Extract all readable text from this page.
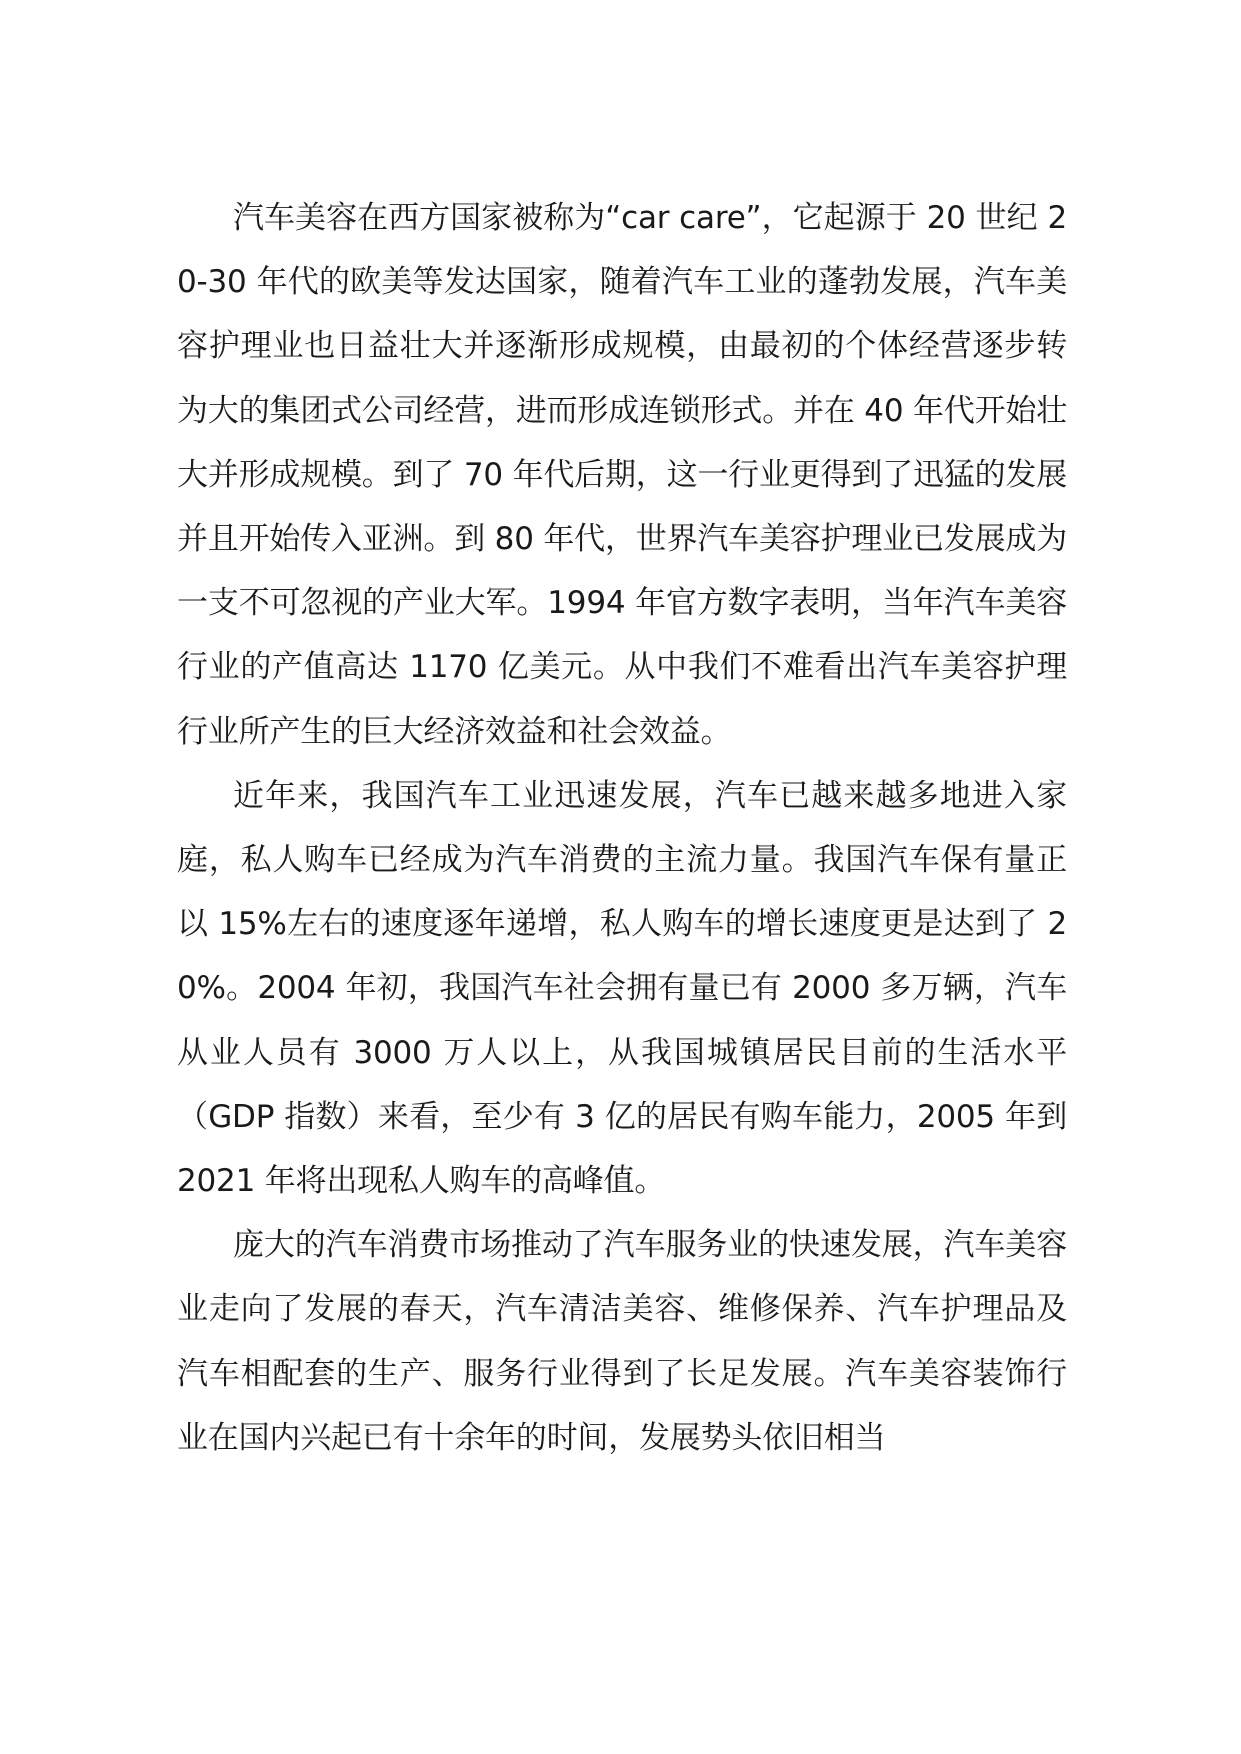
汽车美容在西方国家被称为“car care”，它起源于 20 世纪 20-30 年代的欧美等发达国家，随着汽车工业的蓬勃发展，汽车美容护理业也日益壮大并逐渐形成规模，由最初的个体经营逐步转为大的集团式公司经营，进而形成连锁形式。并在 40 年代开始壮大并形成规模。到了 70 年代后期，这一行业更得到了迅猛的发展并且开始传入亚洲。到 80 年代，世界汽车美容护理业已发展成为一支不可忽视的产业大军。1994 年官方数字表明，当年汽车美容行业的产值高达 1170 亿美元。从中我们不难看出汽车美容护理行业所产生的巨大经济效益和社会效益。

近年来，我国汽车工业迅速发展，汽车已越来越多地进入家庭，私人购车已经成为汽车消费的主流力量。我国汽车保有量正以 15%左右的速度逐年递增，私人购车的增长速度更是达到了 20%。2004 年初，我国汽车社会拥有量已有 2000 多万辆，汽车从业人员有 3000 万人以上，从我国城镇居民目前的生活水平（GDP 指数）来看，至少有 3 亿的居民有购车能力，2005 年到 2021 年将出现私人购车的高峰值。

庞大的汽车消费市场推动了汽车服务业的快速发展，汽车美容业走向了发展的春天，汽车清洁美容、维修保养、汽车护理品及汽车相配套的生产、服务行业得到了长足发展。汽车美容装饰行业在国内兴起已有十余年的时间，发展势头依旧相当
